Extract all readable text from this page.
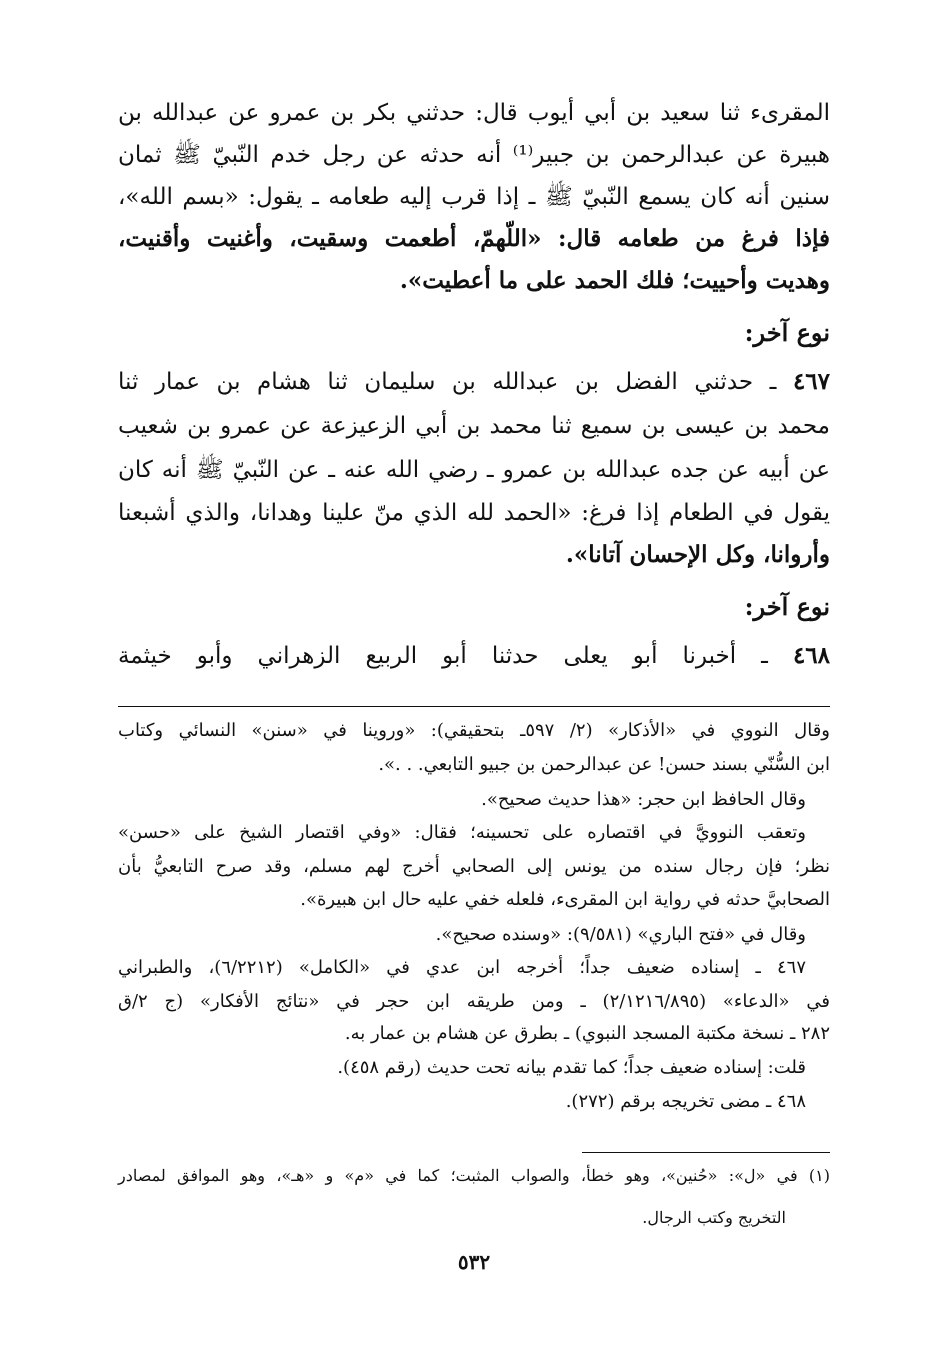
المقرىء ثنا سعيد بن أبي أيوب قال: حدثني بكر بن عمرو عن عبدالله بن
هبيرة عن عبدالرحمن بن جبير⁽¹⁾ أنه حدثه عن رجل خدم النّبيّ ﷺ ثمان
سنين أنه كان يسمع النّبيّ ﷺ ـ إذا قرب إليه طعامه ـ يقول: «بسم الله»،
فإذا فرغ من طعامه قال: «اللّهمّ، أطعمت وسقيت، وأغنيت وأقنيت،
وهديت وأحييت؛ فلك الحمد على ما أعطيت».
نوع آخر:
٤٦٧ ـ حدثني الفضل بن عبدالله بن سليمان ثنا هشام بن عمار ثنا
محمد بن عيسى بن سميع ثنا محمد بن أبي الزعيزعة عن عمرو بن شعيب
عن أبيه عن جده عبدالله بن عمرو ـ رضي الله عنه ـ عن النّبيّ ﷺ أنه كان
يقول في الطعام إذا فرغ: «الحمد لله الذي منّ علينا وهدانا، والذي أشبعنا
وأروانا، وكل الإحسان آتانا».
نوع آخر:
٤٦٨ ـ أخبرنا أبو يعلى حدثنا أبو الربيع الزهراني وأبو خيثمة
وقال النووي في «الأذكار» (٢/ ٥٩٧ـ بتحقيقي): «وروينا في «سنن» النسائي وكتاب
ابن السُّنّي بسند حسن! عن عبدالرحمن بن جبيو التابعي. . .».
وقال الحافظ ابن حجر: «هذا حديث صحيح».
وتعقب النوويَّ في اقتصاره على تحسينه؛ فقال: «وفي اقتصار الشيخ على «حسن»
نظر؛ فإن رجال سنده من يونس إلى الصحابي أخرج لهم مسلم، وقد صرح التابعيُّ بأن
الصحابيَّ حدثه في رواية ابن المقرىء، فلعله خفي عليه حال ابن هبيرة».
وقال في «فتح الباري» (٩/٥٨١): «وسنده صحيح».
٤٦٧ ـ إسناده ضعيف جداً؛ أخرجه ابن عدي في «الكامل» (٦/٢٢١٢)، والطبراني
في «الدعاء» (٢/١٢١٦/٨٩٥) ـ ومن طريقه ابن حجر في «نتائج الأفكار» (ج ٢/ق
٢٨٢ ـ نسخة مكتبة المسجد النبوي) ـ بطرق عن هشام بن عمار به.
قلت: إسناده ضعيف جداً؛ كما تقدم بيانه تحت حديث (رقم ٤٥٨).
٤٦٨ ـ مضى تخريجه برقم (٢٧٢).
(١) في «ل»: «حُنين»، وهو خطأ، والصواب المثبت؛ كما في «م» و «هـ»، وهو الموافق لمصادر
التخريج وكتب الرجال.
٥٣٢
